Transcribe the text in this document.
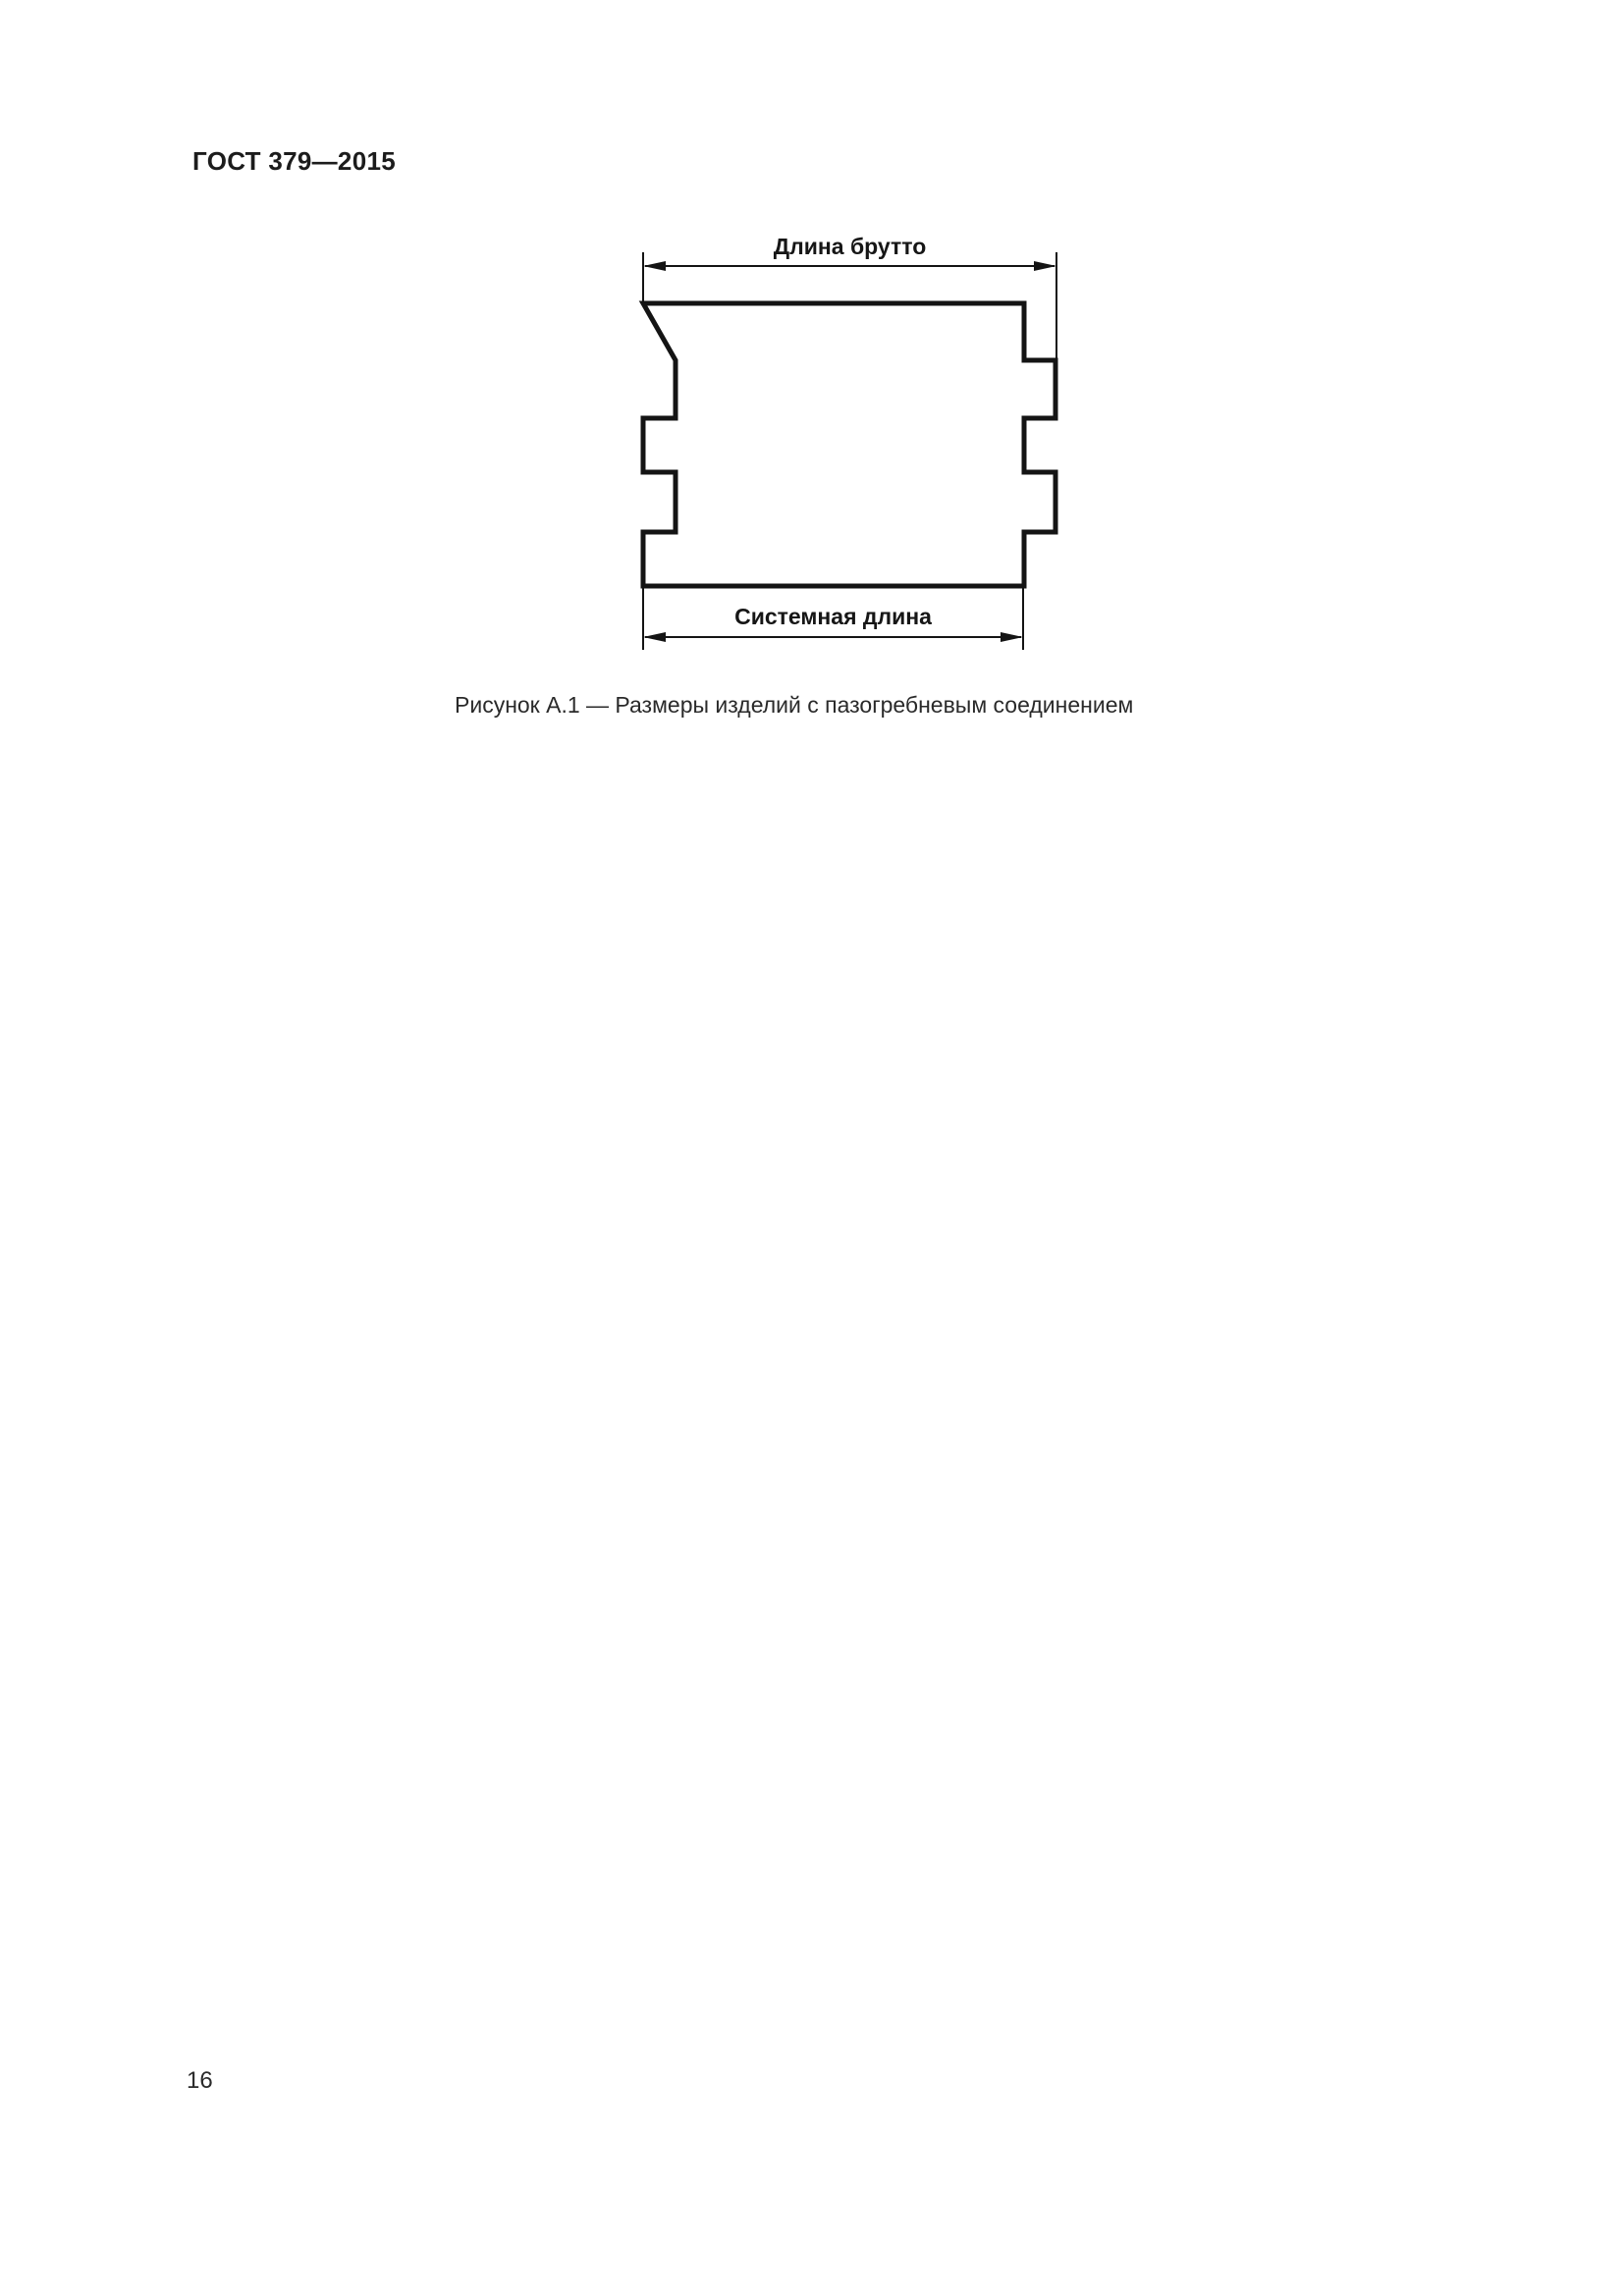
ГОСТ 379—2015
Длина брутто
Системная длина
Рисунок А.1 — Размеры изделий с пазогребневым соединением
16
